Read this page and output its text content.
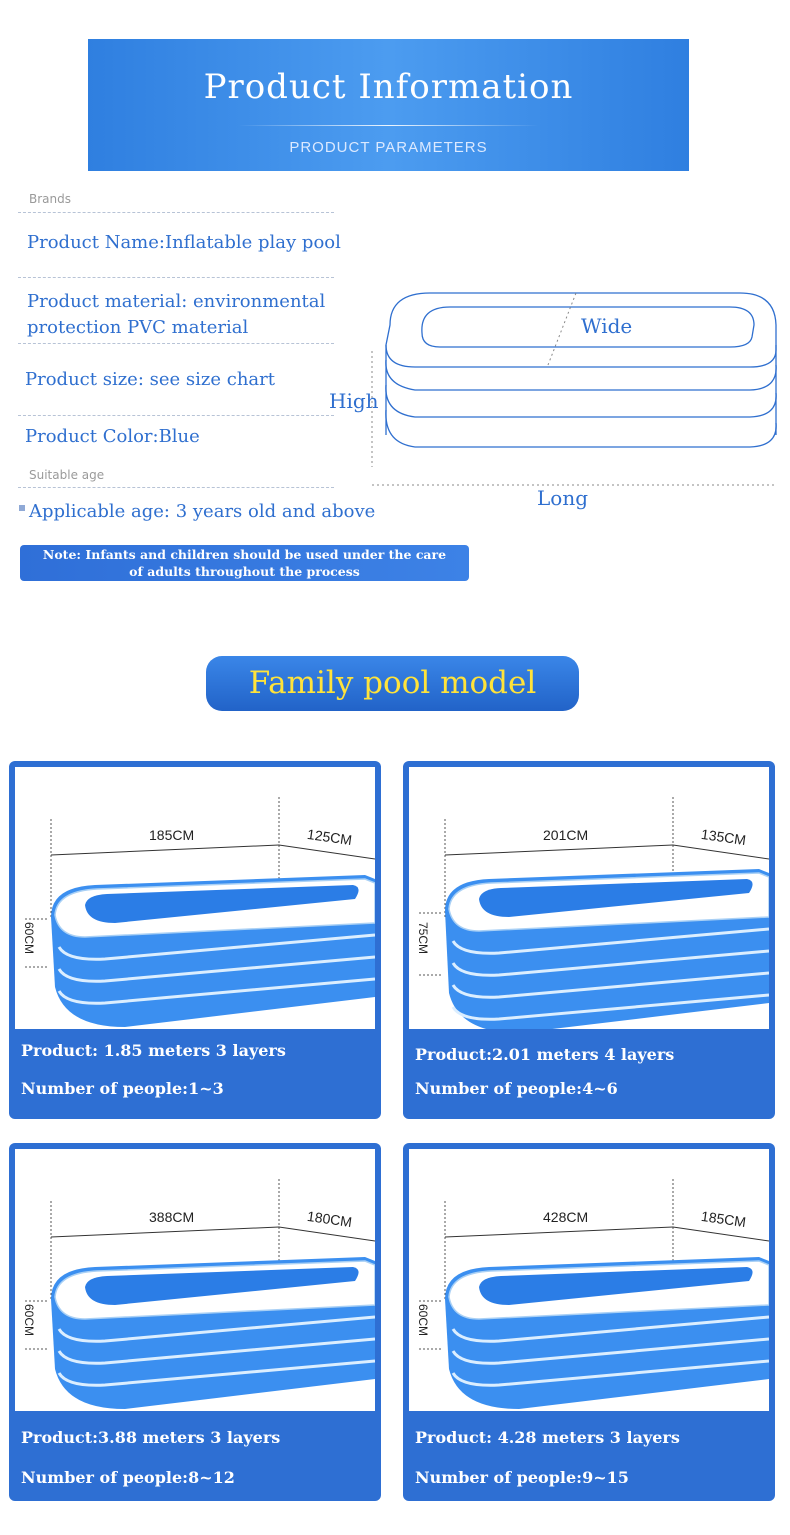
Product Information
PRODUCT PARAMETERS
Brands
Product Name:Inflatable play pool
Product material: environmental
protection PVC material
Product size: see size chart
Product Color:Blue
Suitable age
Applicable age: 3 years old and above
Note: Infants and children should be used under the care
of adults throughout the process
Wide
High
Long
Family pool model
185CM	125CM
60CM
Product: 1.85 meters 3 layers
Number of people:1~3
201CM	135CM
75CM
Product:2.01 meters 4 layers
Number of people:4~6
388CM	180CM
60CM
Product:3.88 meters 3 layers
Number of people:8~12
428CM	185CM
60CM
Product: 4.28 meters 3 layers
Number of people:9~15
